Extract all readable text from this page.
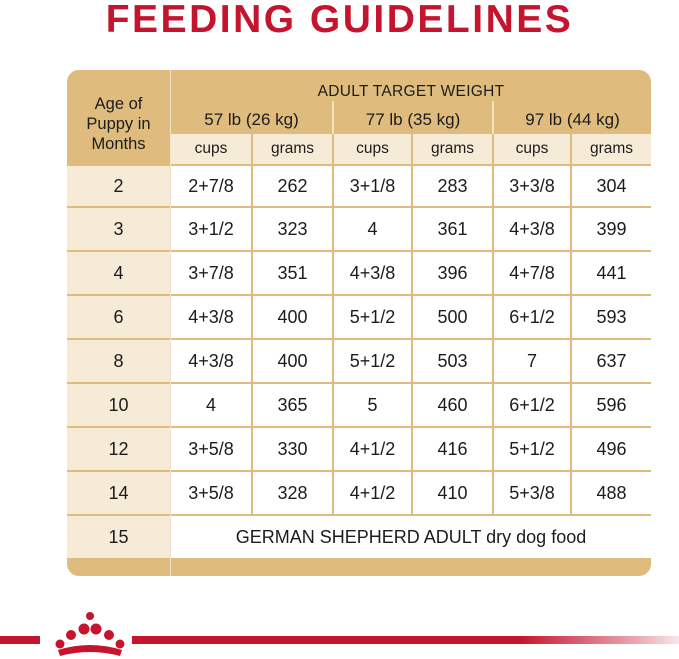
FEEDING GUIDELINES
Age of
Puppy in
Months
ADULT TARGET WEIGHT
57 lb (26 kg)	77 lb (35 kg)	97 lb (44 kg)
cups	grams	cups	grams	cups	grams
2	2+7/8	262	3+1/8	283	3+3/8	304
3	3+1/2	323	4	361	4+3/8	399
4	3+7/8	351	4+3/8	396	4+7/8	441
6	4+3/8	400	5+1/2	500	6+1/2	593
8	4+3/8	400	5+1/2	503	7	637
10	4	365	5	460	6+1/2	596
12	3+5/8	330	4+1/2	416	5+1/2	496
14	3+5/8	328	4+1/2	410	5+3/8	488
15	GERMAN SHEPHERD ADULT dry dog food
